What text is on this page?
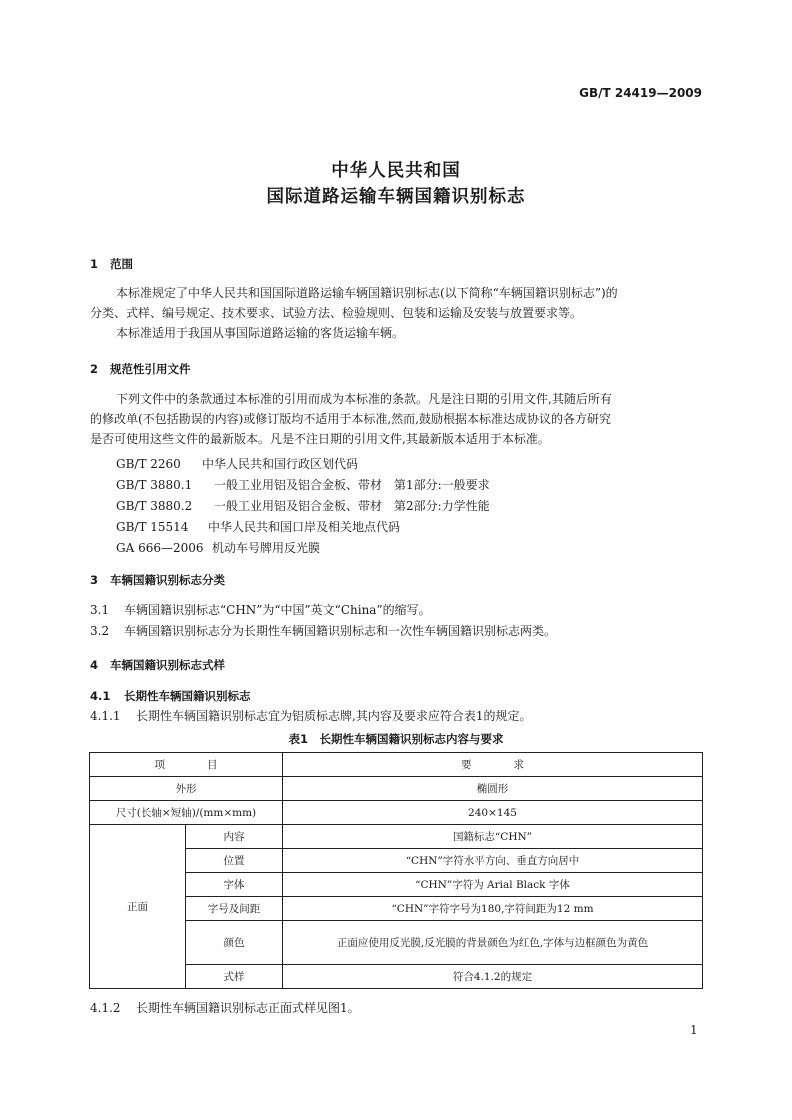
GB/T 24419—2009
中华人民共和国
国际道路运输车辆国籍识别标志
1 范围
本标准规定了中华人民共和国国际道路运输车辆国籍识别标志(以下简称“车辆国籍识别标志”)的
分类、式样、编号规定、技术要求、试验方法、检验规则、包装和运输及安装与放置要求等。
本标准适用于我国从事国际道路运输的客货运输车辆。
2 规范性引用文件
下列文件中的条款通过本标准的引用而成为本标准的条款。凡是注日期的引用文件,其随后所有
的修改单(不包括勘误的内容)或修订版均不适用于本标准,然而,鼓励根据本标准达成协议的各方研究
是否可使用这些文件的最新版本。凡是不注日期的引用文件,其最新版本适用于本标准。
GB/T 2260 中华人民共和国行政区划代码
GB/T 3880.1 一般工业用铝及铝合金板、带材　第1部分:一般要求
GB/T 3880.2 一般工业用铝及铝合金板、带材　第2部分:力学性能
GB/T 15514 中华人民共和国口岸及相关地点代码
GA 666—2006 机动车号牌用反光膜
3 车辆国籍识别标志分类
3.1 车辆国籍识别标志“CHN”为“中国”英文“China”的缩写。
3.2 车辆国籍识别标志分为长期性车辆国籍识别标志和一次性车辆国籍识别标志两类。
4 车辆国籍识别标志式样
4.1 长期性车辆国籍识别标志
4.1.1 长期性车辆国籍识别标志宜为铝质标志牌,其内容及要求应符合表1的规定。
表1　长期性车辆国籍识别标志内容与要求
项　　　　目		要　　　　求
外形		椭圆形
尺寸(长轴×短轴)/(mm×mm)		240×145
正面	内容	国籍标志“CHN”
	位置	“CHN”字符水平方向、垂直方向居中
	字体	“CHN”字符为 Arial Black 字体
	字号及间距	“CHN”字符字号为180,字符间距为12 mm
	颜色	正面应使用反光膜,反光膜的背景颜色为红色,字体与边框颜色为黄色
	式样	符合4.1.2的规定
4.1.2 长期性车辆国籍识别标志正面式样见图1。
1
